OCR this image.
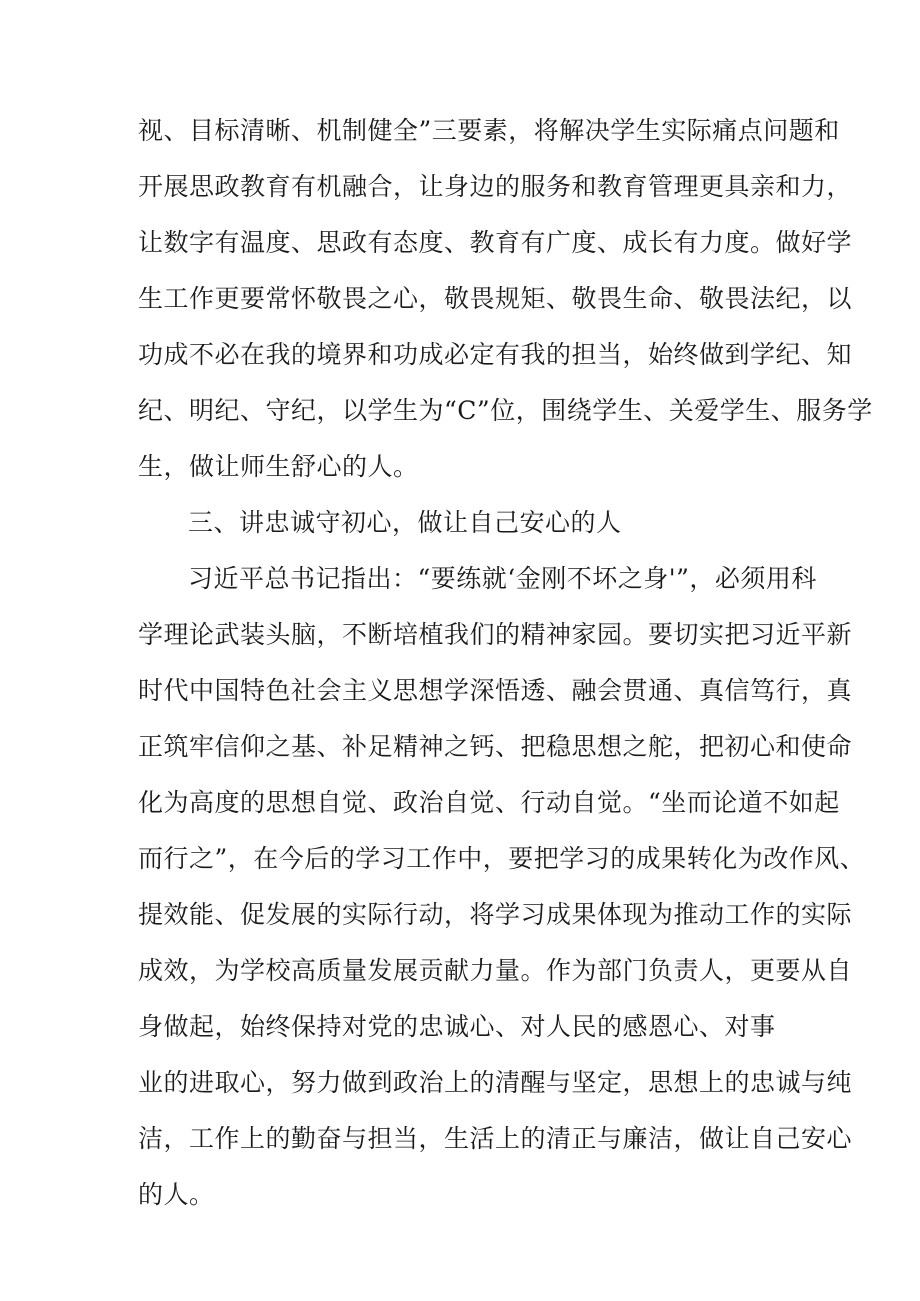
视、目标清晰、机制健全”三要素，将解决学生实际痛点问题和
开展思政教育有机融合，让身边的服务和教育管理更具亲和力，
让数字有温度、思政有态度、教育有广度、成长有力度。做好学
生工作更要常怀敬畏之心，敬畏规矩、敬畏生命、敬畏法纪，以
功成不必在我的境界和功成必定有我的担当，始终做到学纪、知
纪、明纪、守纪，以学生为“C”位，围绕学生、关爱学生、服务学
生，做让师生舒心的人。
三、讲忠诚守初心，做让自己安心的人
习近平总书记指出：“要练就‘金刚不坏之身'”，必须用科
学理论武装头脑，不断培植我们的精神家园。要切实把习近平新
时代中国特色社会主义思想学深悟透、融会贯通、真信笃行，真
正筑牢信仰之基、补足精神之钙、把稳思想之舵，把初心和使命
化为高度的思想自觉、政治自觉、行动自觉。“坐而论道不如起
而行之”，在今后的学习工作中，要把学习的成果转化为改作风、
提效能、促发展的实际行动，将学习成果体现为推动工作的实际
成效，为学校高质量发展贡献力量。作为部门负责人，更要从自
身做起，始终保持对党的忠诚心、对人民的感恩心、对事
业的进取心，努力做到政治上的清醒与坚定，思想上的忠诚与纯
洁，工作上的勤奋与担当，生活上的清正与廉洁，做让自己安心
的人。
